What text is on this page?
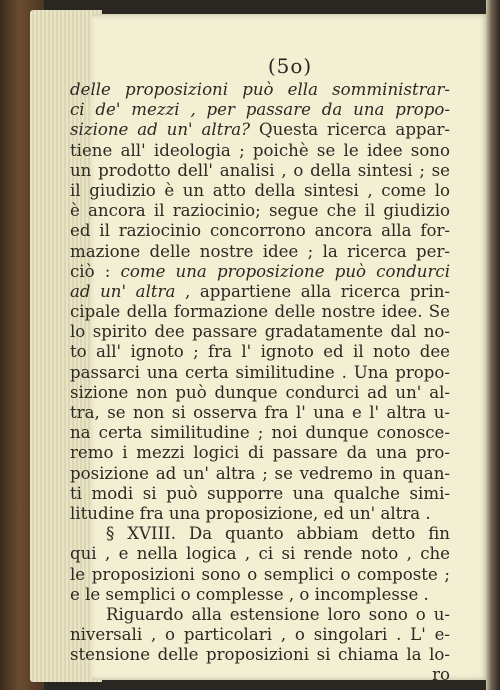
(5o)
delle proposizioni può ella somministrar-
ci de' mezzi , per passare da una propo-
sizione ad un' altra? Questa ricerca appar-
tiene all' ideologia ; poichè se le idee sono
un prodotto dell' analisi , o della sintesi ; se
il giudizio è un atto della sintesi , come lo
è ancora il raziocinio; segue che il giudizio
ed il raziocinio concorrono ancora alla for-
mazione delle nostre idee ; la ricerca per-
ciò : come una proposizione può condurci
ad un' altra , appartiene alla ricerca prin-
cipale della formazione delle nostre idee. Se
lo spirito dee passare gradatamente dal no-
to all' ignoto ; fra l' ignoto ed il noto dee
passarci una certa similitudine . Una propo-
sizione non può dunque condurci ad un' al-
tra, se non si osserva fra l' una e l' altra u-
na certa similitudine ; noi dunque conosce-
remo i mezzi logici di passare da una pro-
posizione ad un' altra ; se vedremo in quan-
ti modi si può supporre una qualche simi-
litudine fra una proposizione, ed un' altra .
§ XVIII. Da quanto abbiam detto fin
qui , e nella logica , ci si rende noto , che
le proposizioni sono o semplici o composte ;
e le semplici o complesse , o incomplesse .
Riguardo alla estensione loro sono o u-
niversali , o particolari , o singolari . L' e-
stensione delle proposizioni si chiama la lo-
ro
